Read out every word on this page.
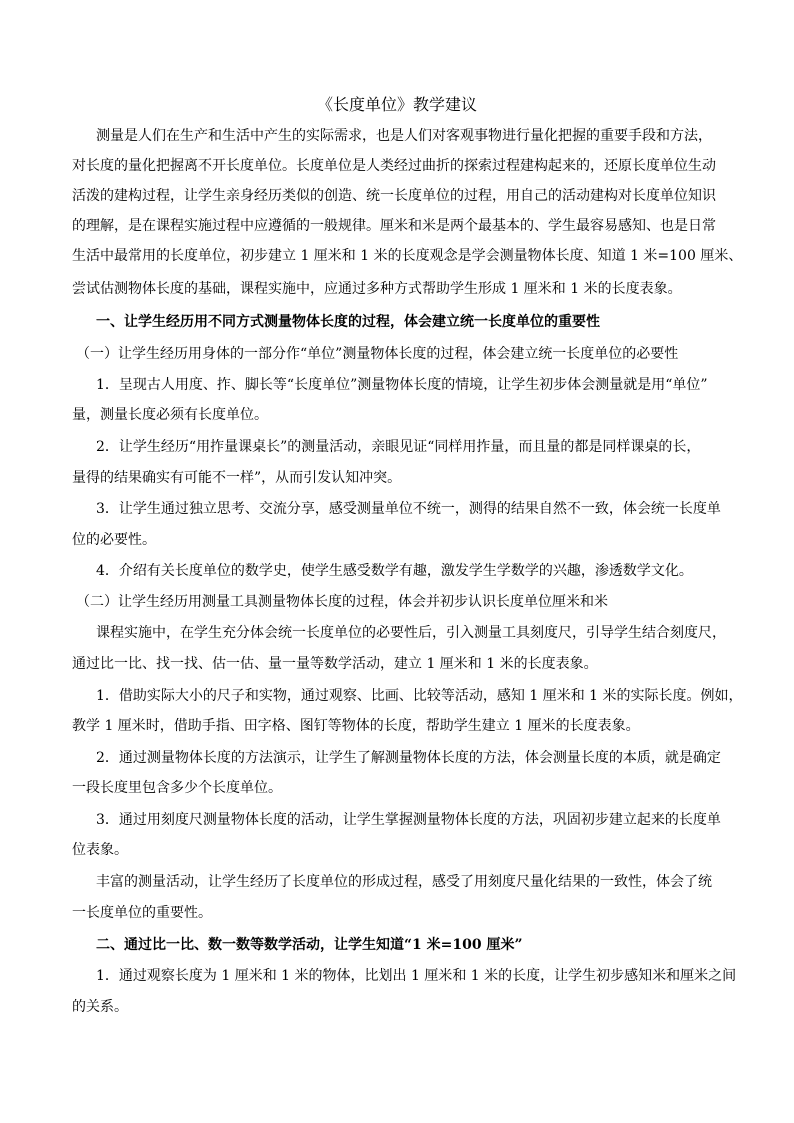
《长度单位》教学建议
测量是人们在生产和生活中产生的实际需求，也是人们对客观事物进行量化把握的重要手段和方法，
对长度的量化把握离不开长度单位。长度单位是人类经过曲折的探索过程建构起来的，还原长度单位生动
活泼的建构过程，让学生亲身经历类似的创造、统一长度单位的过程，用自己的活动建构对长度单位知识
的理解，是在课程实施过程中应遵循的一般规律。厘米和米是两个最基本的、学生最容易感知、也是日常
生活中最常用的长度单位，初步建立 1 厘米和 1 米的长度观念是学会测量物体长度、知道 1 米=100 厘米、
尝试估测物体长度的基础，课程实施中，应通过多种方式帮助学生形成 1 厘米和 1 米的长度表象。
一、让学生经历用不同方式测量物体长度的过程，体会建立统一长度单位的重要性
（一）让学生经历用身体的一部分作“单位”测量物体长度的过程，体会建立统一长度单位的必要性
1．呈现古人用度、拃、脚长等“长度单位”测量物体长度的情境，让学生初步体会测量就是用“单位”
量，测量长度必须有长度单位。
2．让学生经历“用拃量课桌长”的测量活动，亲眼见证“同样用拃量，而且量的都是同样课桌的长，
量得的结果确实有可能不一样”，从而引发认知冲突。
3．让学生通过独立思考、交流分享，感受测量单位不统一，测得的结果自然不一致，体会统一长度单
位的必要性。
4．介绍有关长度单位的数学史，使学生感受数学有趣，激发学生学数学的兴趣，渗透数学文化。
（二）让学生经历用测量工具测量物体长度的过程，体会并初步认识长度单位厘米和米
课程实施中，在学生充分体会统一长度单位的必要性后，引入测量工具刻度尺，引导学生结合刻度尺，
通过比一比、找一找、估一估、量一量等数学活动，建立 1 厘米和 1 米的长度表象。
1．借助实际大小的尺子和实物，通过观察、比画、比较等活动，感知 1 厘米和 1 米的实际长度。例如，
教学 1 厘米时，借助手指、田字格、图钉等物体的长度，帮助学生建立 1 厘米的长度表象。
2．通过测量物体长度的方法演示，让学生了解测量物体长度的方法，体会测量长度的本质，就是确定
一段长度里包含多少个长度单位。
3．通过用刻度尺测量物体长度的活动，让学生掌握测量物体长度的方法，巩固初步建立起来的长度单
位表象。
丰富的测量活动，让学生经历了长度单位的形成过程，感受了用刻度尺量化结果的一致性，体会了统
一长度单位的重要性。
二、通过比一比、数一数等数学活动，让学生知道“1 米=100 厘米”
1．通过观察长度为 1 厘米和 1 米的物体，比划出 1 厘米和 1 米的长度，让学生初步感知米和厘米之间
的关系。
